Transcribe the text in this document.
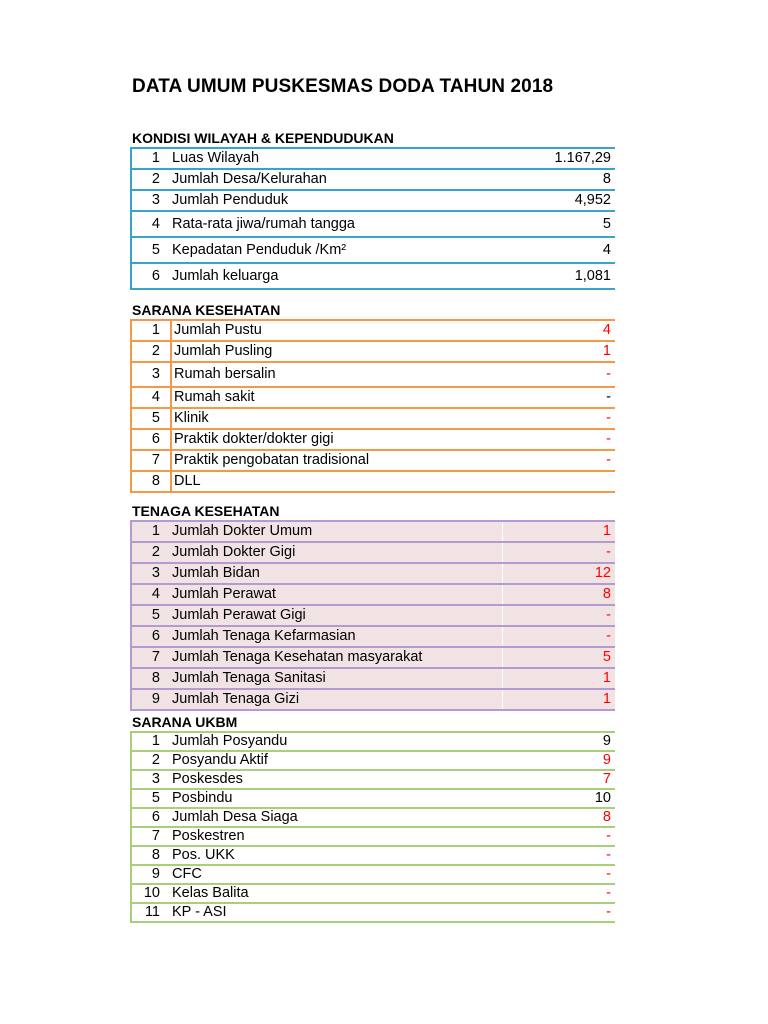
DATA UMUM PUSKESMAS DODA TAHUN 2018
KONDISI WILAYAH & KEPENDUDUKAN
1	Luas Wilayah	1.167,29
2	Jumlah Desa/Kelurahan	8
3	Jumlah Penduduk	4,952
4	Rata-rata jiwa/rumah tangga	5
5	Kepadatan Penduduk /Km²	4
6	Jumlah keluarga	1,081
SARANA KESEHATAN
1	Jumlah Pustu	4
2	Jumlah Pusling	1
3	Rumah bersalin	-
4	Rumah sakit	-
5	Klinik	-
6	Praktik dokter/dokter gigi	-
7	Praktik pengobatan tradisional	-
8	DLL	
TENAGA KESEHATAN
1	Jumlah Dokter Umum	1
2	Jumlah Dokter Gigi	-
3	Jumlah Bidan	12
4	Jumlah Perawat	8
5	Jumlah Perawat Gigi	-
6	Jumlah Tenaga Kefarmasian	-
7	Jumlah Tenaga Kesehatan masyarakat	5
8	Jumlah Tenaga Sanitasi	1
9	Jumlah Tenaga Gizi	1
SARANA UKBM
1	Jumlah Posyandu	9
2	Posyandu Aktif	9
3	Poskesdes	7
5	Posbindu	10
6	Jumlah Desa Siaga	8
7	Poskestren	-
8	Pos. UKK	-
9	CFC	-
10	Kelas Balita	-
11	KP - ASI	-
